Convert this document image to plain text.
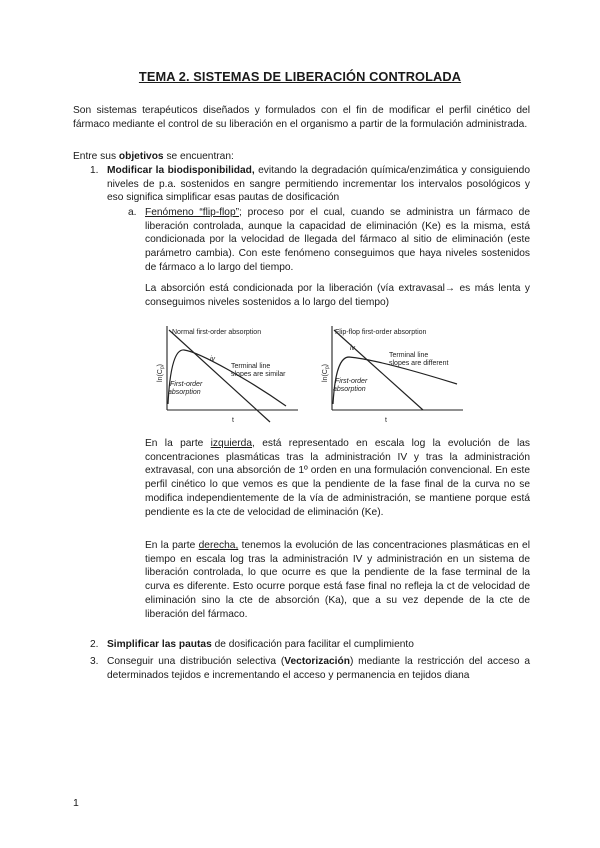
TEMA 2. SISTEMAS DE LIBERACIÓN CONTROLADA
Son sistemas terapéuticos diseñados y formulados con el fin de modificar el perfil cinético del fármaco mediante el control de su liberación en el organismo a partir de la formulación administrada.
Entre sus objetivos se encuentran:
1. Modificar la biodisponibilidad, evitando la degradación química/enzimática y consiguiendo niveles de p.a. sostenidos en sangre permitiendo incrementar los intervalos posológicos y eso significa simplificar esas pautas de dosificación
a. Fenómeno “flip-flop”; proceso por el cual, cuando se administra un fármaco de liberación controlada, aunque la capacidad de eliminación (Ke) es la misma, está condicionada por la velocidad de llegada del fármaco al sitio de eliminación (este parámetro cambia). Con este fenómeno conseguimos que haya niveles sostenidos de fármaco a lo largo del tiempo.
La absorción está condicionada por la liberación (vía extravasal→ es más lenta y conseguimos niveles sostenidos a lo largo del tiempo)
Normal first-order absorption
iv
Terminal line
slopes are similar
First-order
absorption
$\ln(C_p)$
t
Flip-flop first-order absorption
iv
Terminal line
slopes are different
First-order
absorption
$\ln(C_p)$
t
En la parte izquierda, está representado en escala log la evolución de las concentraciones plasmáticas tras la administración IV y tras la administración extravasal, con una absorción de 1º orden en una formulación convencional. En este perfil cinético lo que vemos es que la pendiente de la fase final de la curva no se modifica independientemente de la vía de administración, se mantiene porque está pendiente es la cte de velocidad de eliminación (Ke).
En la parte derecha, tenemos la evolución de las concentraciones plasmáticas en el tiempo en escala log tras la administración IV y administración en un sistema de liberación controlada, lo que ocurre es que la pendiente de la fase terminal de la curva es diferente. Esto ocurre porque está fase final no refleja la ct de velocidad de eliminación sino la cte de absorción (Ka), que a su vez depende de la cte de liberación del fármaco.
2. Simplificar las pautas de dosificación para facilitar el cumplimiento
3. Conseguir una distribución selectiva (Vectorización) mediante la restricción del acceso a determinados tejidos e incrementando el acceso y permanencia en tejidos diana
1
